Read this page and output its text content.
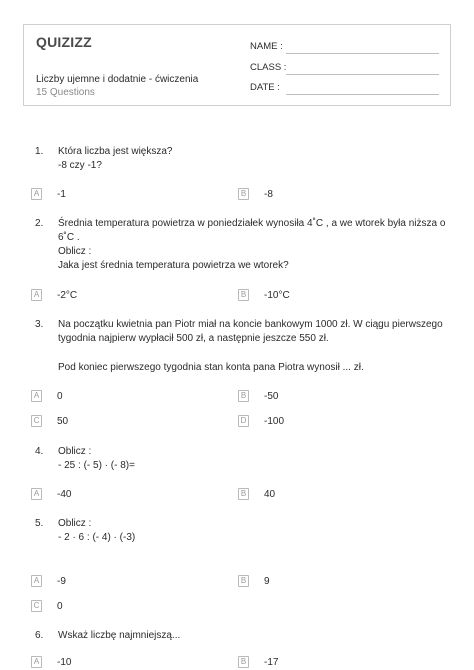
QUIZIZZ
Liczby ujemne i dodatnie - ćwiczenia
15 Questions
NAME :
CLASS :
DATE :
1.	Która liczba jest większa?
-8 czy -1?
A -1	B -8
2.	Średnia temperatura powietrza w poniedziałek wynosiła 4˚C , a we wtorek była niższa o
6˚C .
Oblicz :
Jaka jest średnia temperatura powietrza we wtorek?
A -2°C	B -10°C
3.	Na początku kwietnia pan Piotr miał na koncie bankowym 1000 zł. W ciągu pierwszego
tygodnia najpierw wypłacił 500 zł, a następnie jeszcze 550 zł.
Pod koniec pierwszego tygodnia stan konta pana Piotra wynosił ... zł.
A 0	B -50
C 50	D -100
4.	Oblicz :
- 25 : (- 5) · (- 8)=
A -40	B 40
5.	Oblicz :
- 2 · 6 : (- 4) · (-3)
A -9	B 9
C 0
6.	Wskaż liczbę najmniejszą...
A -10	B -17
